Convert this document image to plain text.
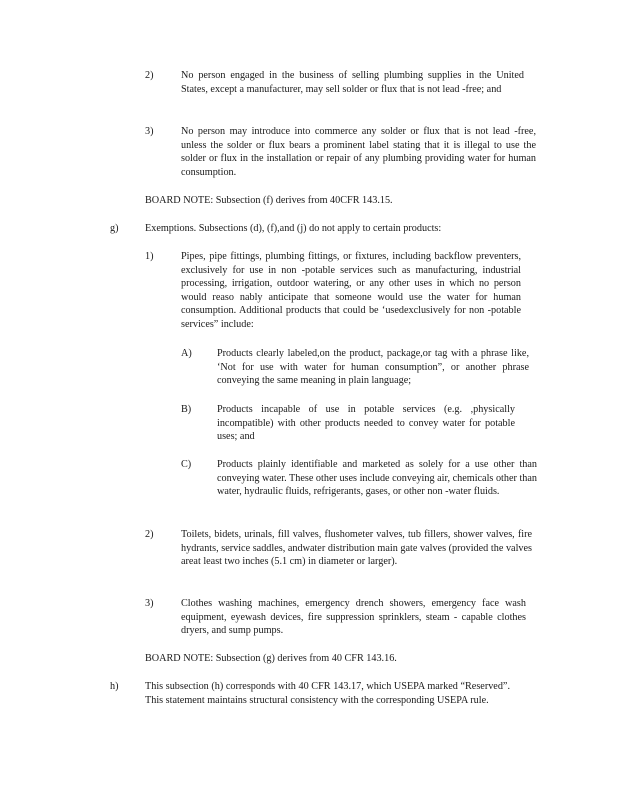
2)	No person engaged in the business of selling plumbing supplies in the United States, except a manufacturer, may sell solder or flux that is not lead -free; and
3)	No person may introduce into commerce any solder or flux that is not lead -free, unless the solder or flux bears a prominent label stating that it is illegal to use the solder or flux in the installation or repair of any plumbing providing water for human consumption.
BOARD NOTE: Subsection (f) derives from 40CFR 143.15.
g)	Exemptions. Subsections (d), (f),and (j) do not apply to certain products:
1)	Pipes, pipe fittings, plumbing fittings, or fixtures, including backflow preventers, exclusively for use in non -potable services such as manufacturing, industrial processing, irrigation, outdoor watering, or any other uses in which no person would reaso nably anticipate that someone would use the water for human consumption. Additional products that could be ‘usedexclusively for non -potable services” include:
A) Products clearly labeled,on the product, package,or tag with a phrase like, ‘Not for use with water for human consumption”, or another phrase conveying the same meaning in plain language;
B)	Products incapable of use in potable services (e.g. ,physically incompatible) with other products needed to convey water for potable uses; and
C)	Products plainly identifiable and marketed as solely for a use other than conveying water. These other uses include conveying air, chemicals other than water, hydraulic fluids, refrigerants, gases, or other non -water fluids.
2)	Toilets, bidets, urinals, fill valves, flushometer valves, tub fillers, shower valves, fire hydrants, service saddles, andwater distribution main gate valves (provided the valves areat least two inches (5.1 cm) in diameter or larger).
3)	Clothes washing machines, emergency drench showers, emergency face wash equipment, eyewash devices, fire suppression sprinklers, steam - capable clothes dryers, and sump pumps.
BOARD NOTE: Subsection (g) derives from 40 CFR 143.16.
h)	This subsection (h) corresponds with 40 CFR 143.17, which USEPA marked “Reserved”. This statement maintains structural consistency with the corresponding USEPA rule.
